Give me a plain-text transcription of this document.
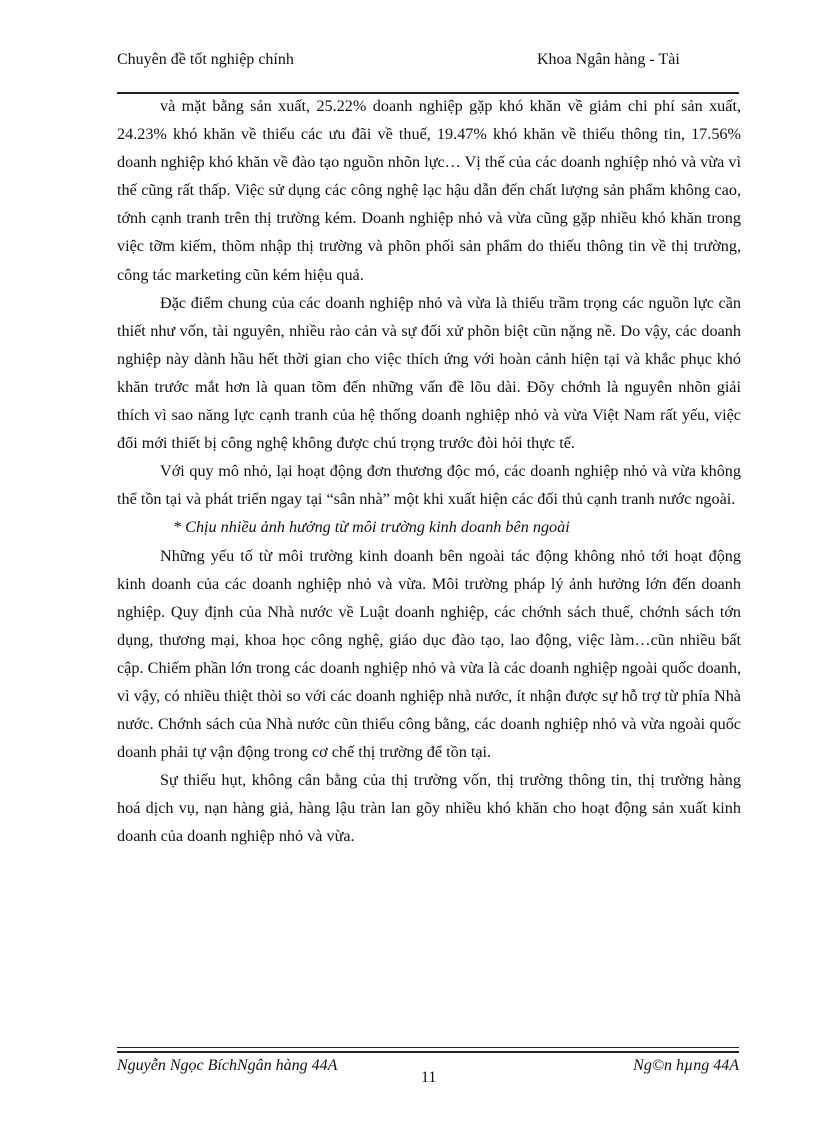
Chuyên đề tốt nghiệp chính	Khoa Ngân hàng - Tài

và mặt bằng sản xuất, 25.22% doanh nghiệp gặp khó khăn về giảm chi phí sản xuất, 24.23% khó khăn về thiếu các ưu đãi về thuế, 19.47% khó khăn về thiếu thông tin, 17.56% doanh nghiệp khó khăn về đào tạo nguồn nhõn lực… Vị thế của các doanh nghiệp nhỏ và vừa vì thế cũng rất thấp. Việc sử dụng các công nghệ lạc hậu dẫn đến chất lượng sản phẩm không cao, tớnh cạnh tranh trên thị trường kém. Doanh nghiệp nhỏ và vừa cũng gặp nhiều khó khăn trong việc tỡm kiếm, thõm nhập thị trường và phõn phối sản phẩm do thiếu thông tin về thị trường, công tác marketing cũn kém hiệu quả.

Đặc điểm chung của các doanh nghiệp nhỏ và vừa là thiếu trầm trọng các nguồn lực cần thiết như vốn, tài nguyên, nhiều rào cản và sự đối xử phõn biệt cũn nặng nề. Do vậy, các doanh nghiệp này dành hầu hết thời gian cho việc thích ứng với hoàn cảnh hiện tại và khắc phục khó khăn trước mắt hơn là quan tõm đến những vấn đề lõu dài. Đõy chớnh là nguyên nhõn giải thích vì sao năng lực cạnh tranh của hệ thống doanh nghiệp nhỏ và vừa Việt Nam rất yếu, việc đổi mới thiết bị công nghệ không được chú trọng trước đòi hỏi thực tế.

Với quy mô nhỏ, lại hoạt động đơn thương độc mó, các doanh nghiệp nhỏ và vừa không thể tồn tại và phát triển ngay tại “sân nhà” một khi xuất hiện các đối thủ cạnh tranh nước ngoài.

* Chịu nhiều ảnh hưởng từ môi trường kinh doanh bên ngoài

Những yếu tố từ môi trường kinh doanh bên ngoài tác động không nhỏ tới hoạt động kinh doanh của các doanh nghiệp nhỏ và vừa. Môi trường pháp lý ảnh hưởng lớn đến doanh nghiệp. Quy định của Nhà nước về Luật doanh nghiệp, các chớnh sách thuế, chớnh sách tớn dụng, thương mại, khoa học công nghệ, giáo dục đào tạo, lao động, việc làm…cũn nhiều bất cập. Chiếm phần lớn trong các doanh nghiệp nhỏ và vừa là các doanh nghiệp ngoài quốc doanh, vì vậy, có nhiều thiệt thòi so với các doanh nghiệp nhà nước, ít nhận được sự hỗ trợ từ phía Nhà nước. Chớnh sách của Nhà nước cũn thiếu công bằng, các doanh nghiệp nhỏ và vừa ngoài quốc doanh phải tự vận động trong cơ chế thị trường để tồn tại.

Sự thiếu hụt, không cân bằng của thị trường vốn, thị trường thông tin, thị trường hàng hoá dịch vụ, nạn hàng giả, hàng lậu tràn lan gõy nhiều khó khăn cho hoạt động sản xuất kinh doanh của doanh nghiệp nhỏ và vừa.

Nguyễn Ngọc BíchNgân hàng 44A
11
Ng©n hµng 44A
